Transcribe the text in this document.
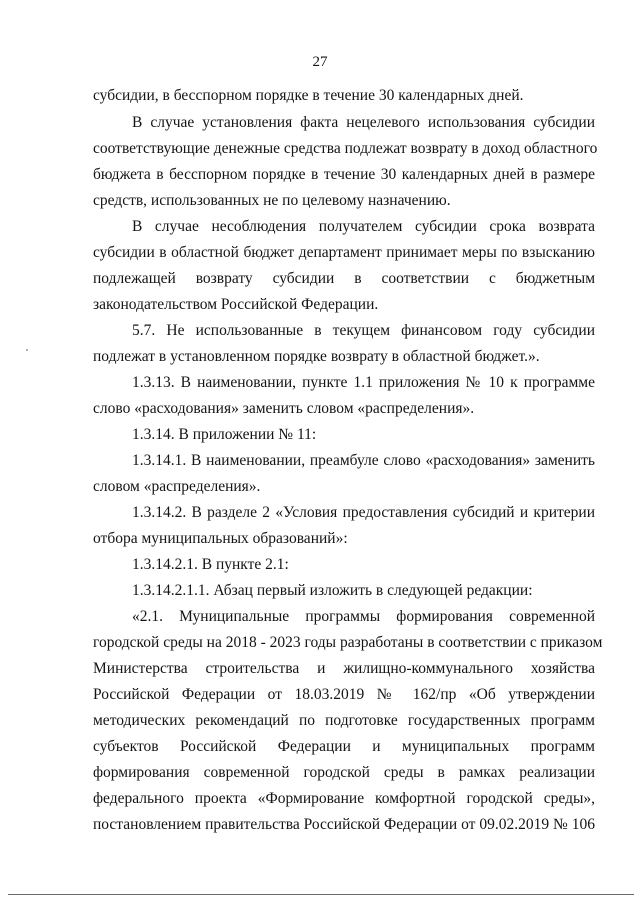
27
субсидии, в бесспорном порядке в течение 30 календарных дней.
В случае установления факта нецелевого использования субсидии
соответствующие денежные средства подлежат возврату в доход областного
бюджета в бесспорном порядке в течение 30 календарных дней в размере
средств, использованных не по целевому назначению.
В случае несоблюдения получателем субсидии срока возврата
субсидии в областной бюджет департамент принимает меры по взысканию
подлежащей возврату субсидии в соответствии с бюджетным
законодательством Российской Федерации.
5.7. Не использованные в текущем финансовом году субсидии
подлежат в установленном порядке возврату в областной бюджет.».
1.3.13. В наименовании, пункте 1.1 приложения № 10 к программе
слово «расходования» заменить словом «распределения».
1.3.14. В приложении № 11:
1.3.14.1. В наименовании, преамбуле слово «расходования» заменить
словом «распределения».
1.3.14.2. В разделе 2 «Условия предоставления субсидий и критерии
отбора муниципальных образований»:
1.3.14.2.1. В пункте 2.1:
1.3.14.2.1.1. Абзац первый изложить в следующей редакции:
«2.1. Муниципальные программы формирования современной
городской среды на 2018 - 2023 годы разработаны в соответствии с приказом
Министерства строительства и жилищно-коммунального хозяйства
Российской Федерации от 18.03.2019 № 162/пр «Об утверждении
методических рекомендаций по подготовке государственных программ
субъектов Российской Федерации и муниципальных программ
формирования современной городской среды в рамках реализации
федерального проекта «Формирование комфортной городской среды»,
постановлением правительства Российской Федерации от 09.02.2019 № 106
